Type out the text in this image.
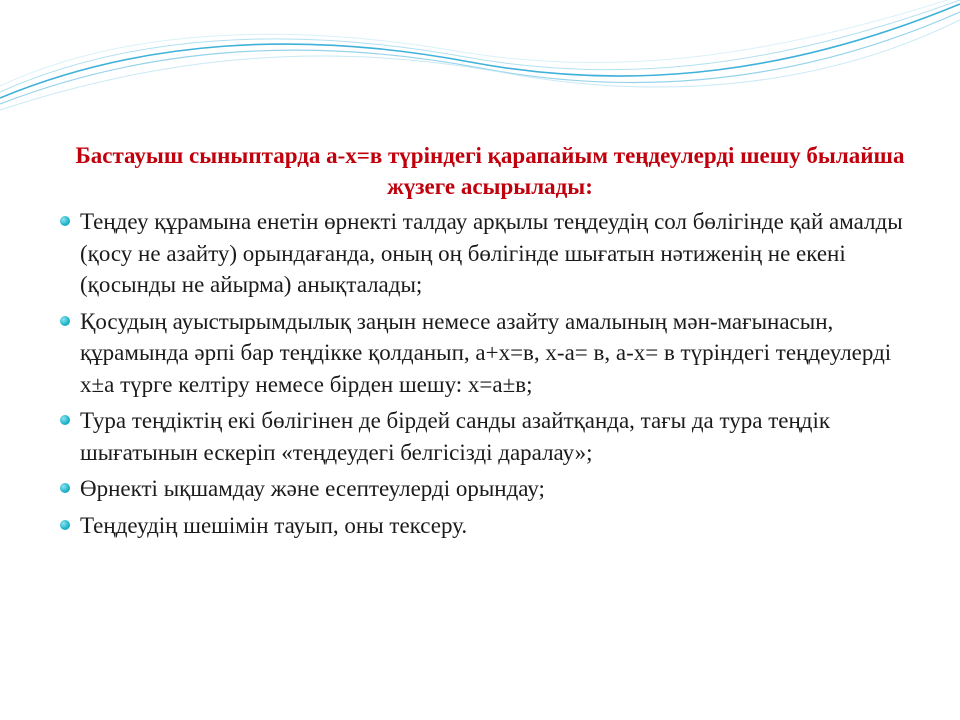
Бастауыш сыныптарда а-х=в түріндегі қарапайым теңдеулерді шешу былайша жүзеге асырылады:

Теңдеу құрамына енетін өрнекті талдау арқылы теңдеудің сол бөлігінде қай амалды (қосу не азайту) орындағанда, оның оң бөлігінде шығатын нәтиженің не екені (қосынды не айырма) анықталады;
Қосудың ауыстырымдылық заңын немесе азайту амалының мән-мағынасын, құрамында әрпі бар теңдікке қолданып, а+х=в, х-а= в, а-х= в түріндегі теңдеулерді х±а түрге келтіру немесе бірден шешу: х=а±в;
Тура теңдіктің екі бөлігінен де бірдей санды азайтқанда, тағы да тура теңдік шығатынын ескеріп «теңдеудегі белгісізді даралау»;
Өрнекті ықшамдау және есептеулерді орындау;
Теңдеудің шешімін тауып, оны тексеру.
